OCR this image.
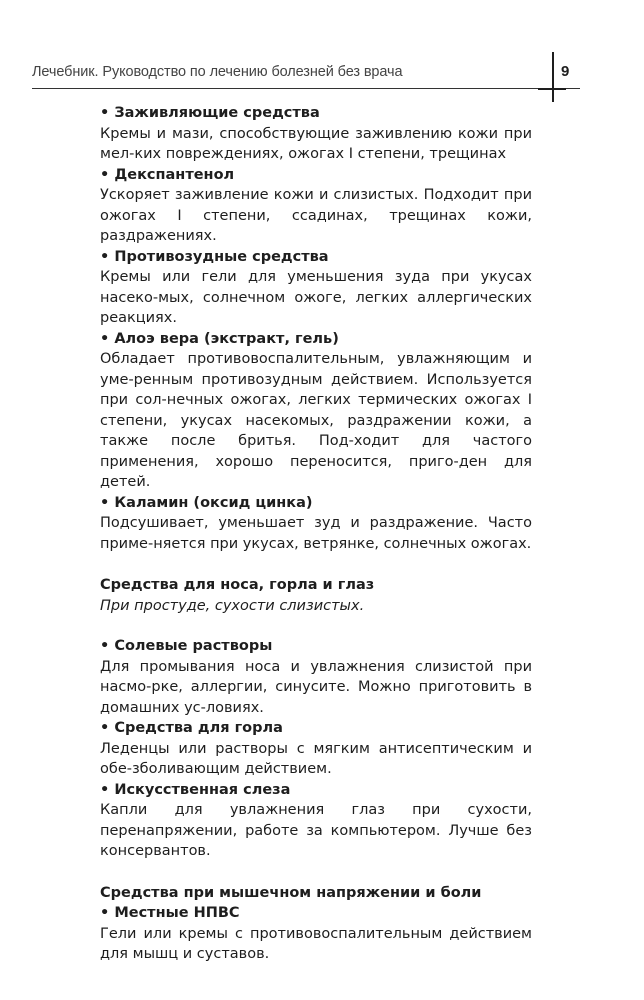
Лечебник. Руководство по лечению болезней без врача	9

• Заживляющие средства

Кремы и мази, способствующие заживлению кожи при мел-ких повреждениях, ожогах I степени, трещинах

• Декспантенол

Ускоряет заживление кожи и слизистых. Подходит при ожогах I степени, ссадинах, трещинах кожи, раздражениях.

• Противозудные средства

Кремы или гели для уменьшения зуда при укусах насеко-мых, солнечном ожоге, легких аллергических реакциях.

• Алоэ вера (экстракт, гель)

Обладает противовоспалительным, увлажняющим и уме-ренным противозудным действием. Используется при сол-нечных ожогах, легких термических ожогах I степени, укусах насекомых, раздражении кожи, а также после бритья. Под-ходит для частого применения, хорошо переносится, приго-ден для детей.

• Каламин (оксид цинка)

Подсушивает, уменьшает зуд и раздражение. Часто приме-няется при укусах, ветрянке, солнечных ожогах.

Средства для носа, горла и глаз

При простуде, сухости слизистых.

• Солевые растворы

Для промывания носа и увлажнения слизистой при насмо-рке, аллергии, синусите. Можно приготовить в домашних ус-ловиях.

• Средства для горла

Леденцы или растворы с мягким антисептическим и обе-зболивающим действием.

• Искусственная слеза

Капли для увлажнения глаз при сухости, перенапряжении, работе за компьютером. Лучше без консервантов.

Средства при мышечном напряжении и боли

• Местные НПВС

Гели или кремы с противовоспалительным действием для мышц и суставов.
